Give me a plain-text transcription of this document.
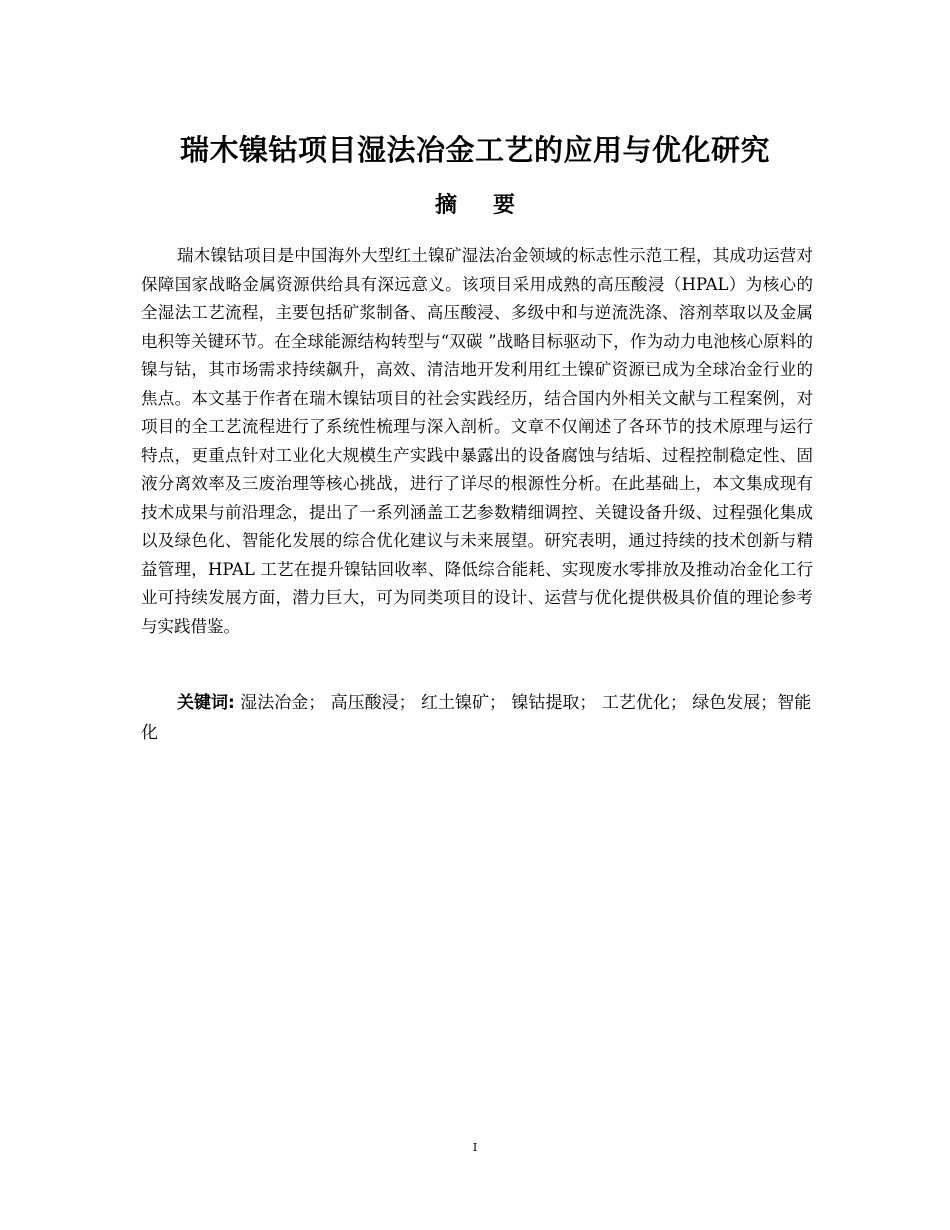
瑞木镍钴项目湿法冶金工艺的应用与优化研究
摘要

瑞木镍钴项目是中国海外大型红土镍矿湿法冶金领域的标志性示范工程，其成功运营对保障国家战略金属资源供给具有深远意义。该项目采用成熟的高压酸浸（HPAL）为核心的全湿法工艺流程，主要包括矿浆制备、高压酸浸、多级中和与逆流洗涤、溶剂萃取以及金属电积等关键环节。在全球能源结构转型与“双碳 ”战略目标驱动下，作为动力电池核心原料的镍与钴，其市场需求持续飙升，高效、清洁地开发利用红土镍矿资源已成为全球冶金行业的焦点。本文基于作者在瑞木镍钴项目的社会实践经历，结合国内外相关文献与工程案例，对项目的全工艺流程进行了系统性梳理与深入剖析。文章不仅阐述了各环节的技术原理与运行特点，更重点针对工业化大规模生产实践中暴露出的设备腐蚀与结垢、过程控制稳定性、固液分离效率及三废治理等核心挑战，进行了详尽的根源性分析。在此基础上，本文集成现有技术成果与前沿理念，提出了一系列涵盖工艺参数精细调控、关键设备升级、过程强化集成以及绿色化、智能化发展的综合优化建议与未来展望。研究表明，通过持续的技术创新与精益管理，HPAL 工艺在提升镍钴回收率、降低综合能耗、实现废水零排放及推动冶金化工行业可持续发展方面，潜力巨大，可为同类项目的设计、运营与优化提供极具价值的理论参考与实践借鉴。

关键词: 湿法冶金； 高压酸浸； 红土镍矿； 镍钴提取； 工艺优化； 绿色发展；智能化

I
